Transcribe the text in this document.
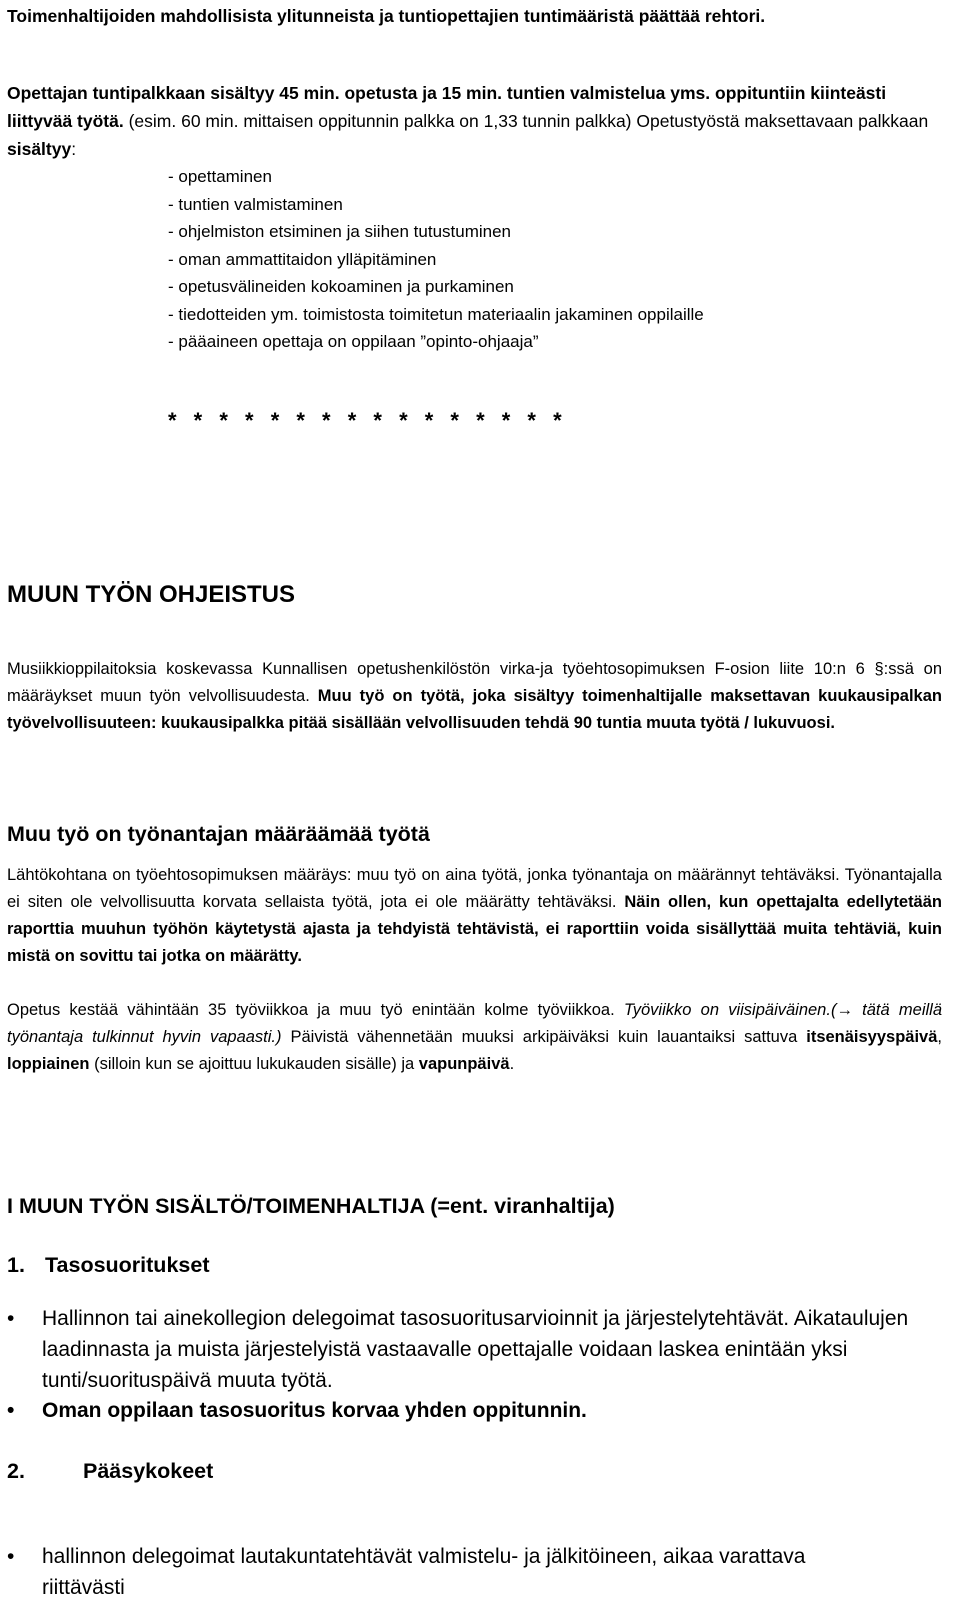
Toimenhaltijoiden mahdollisista ylitunneista ja tuntiopettajien tuntimääristä päättää rehtori.

Opettajan tuntipalkkaan sisältyy 45 min. opetusta ja 15 min. tuntien valmistelua yms. oppituntiin kiinteästi liittyvää työtä. (esim. 60 min. mittaisen oppitunnin palkka on 1,33 tunnin palkka) Opetustyöstä maksettavaan palkkaan sisältyy:

- opettaminen
- tuntien valmistaminen
- ohjelmiston etsiminen ja siihen tutustuminen
- oman ammattitaidon ylläpitäminen
- opetusvälineiden kokoaminen ja purkaminen
- tiedotteiden ym. toimistosta toimitetun materiaalin jakaminen oppilaille
- pääaineen opettaja on oppilaan ”opinto-ohjaaja”
* * * * * * * * * * * * * * * *
MUUN TYÖN OHJEISTUS

Musiikkioppilaitoksia koskevassa Kunnallisen opetushenkilöstön virka-ja työehtosopimuksen F-osion liite 10:n 6 §:ssä on määräykset muun työn velvollisuudesta. Muu työ on työtä, joka sisältyy toimenhaltijalle maksettavan kuukausipalkan työvelvollisuuteen: kuukausipalkka pitää sisällään velvollisuuden tehdä 90 tuntia muuta työtä / lukuvuosi.

Muu työ on työnantajan määräämää työtä

Lähtökohtana on työehtosopimuksen määräys: muu työ on aina työtä, jonka työnantaja on määrännyt tehtäväksi. Työnantajalla ei siten ole velvollisuutta korvata sellaista työtä, jota ei ole määrätty tehtäväksi. Näin ollen, kun opettajalta edellytetään raporttia muuhun työhön käytetystä ajasta ja tehdyistä tehtävistä, ei raporttiin voida sisällyttää muita tehtäviä, kuin mistä on sovittu tai jotka on määrätty.

Opetus kestää vähintään 35 työviikkoa ja muu työ enintään kolme työviikkoa. Työviikko on viisipäiväinen.(→ tätä meillä työnantaja tulkinnut hyvin vapaasti.) Päivistä vähennetään muuksi arkipäiväksi kuin lauantaiksi sattuva itsenäisyyspäivä, loppiainen (silloin kun se ajoittuu lukukauden sisälle) ja vapunpäivä.

I MUUN TYÖN SISÄLTÖ/TOIMENHALTIJA (=ent. viranhaltija)
1. Tasosuoritukset
• Hallinnon tai ainekollegion delegoimat tasosuoritusarvioinnit ja järjestelytehtävät. Aikataulujen laadinnasta ja muista järjestelyistä vastaavalle opettajalle voidaan laskea enintään yksi tunti/suorituspäivä muuta työtä.
• Oman oppilaan tasosuoritus korvaa yhden oppitunnin.
2.	Pääsykokeet
• hallinnon delegoimat lautakuntatehtävät valmistelu- ja jälkitöineen, aikaa varattava riittävästi
